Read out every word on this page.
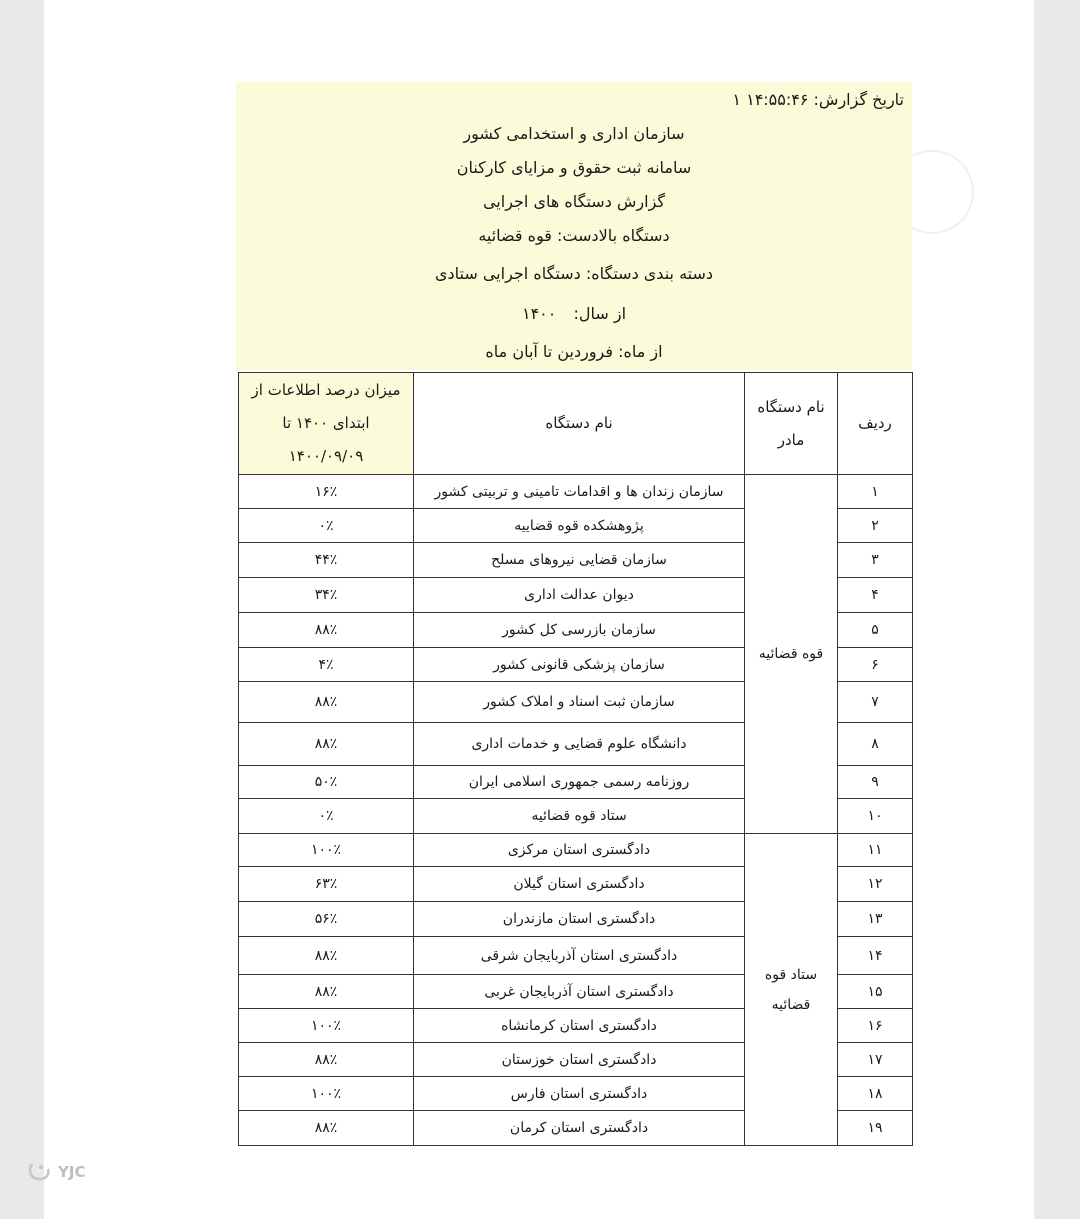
تاریخ گزارش: ۱۴:۵۵:۴۶ ۱
سازمان اداری و استخدامی کشور
سامانه ثبت حقوق و مزایای کارکنان
گزارش دستگاه های اجرایی
دستگاه بالادست: قوه قضائیه
دسته بندی دستگاه: دستگاه اجرایی ستادی
از سال: ۱۴۰۰
از ماه: فروردین تا آبان ماه
ردیف	نام دستگاه مادر	نام دستگاه	میزان درصد اطلاعات از ابتدای ۱۴۰۰ تا ۱۴۰۰/۰۹/۰۹
۱	قوه قضائیه	سازمان زندان ها و اقدامات تامینی و تربیتی کشور	۱۶٪
۲		پژوهشکده قوه قضاییه	۰٪
۳		سازمان قضایی نیروهای مسلح	۴۴٪
۴		دیوان عدالت اداری	۳۴٪
۵		سازمان بازرسی کل کشور	۸۸٪
۶		سازمان پزشکی قانونی کشور	۴٪
۷		سازمان ثبت اسناد و املاک کشور	۸۸٪
۸		دانشگاه علوم قضایی و خدمات اداری	۸۸٪
۹		روزنامه رسمی جمهوری اسلامی ایران	۵۰٪
۱۰		ستاد قوه قضائیه	۰٪
۱۱	ستاد قوه قضائیه	دادگستری استان مرکزی	۱۰۰٪
۱۲		دادگستری استان گیلان	۶۳٪
۱۳		دادگستری استان مازندران	۵۶٪
۱۴		دادگستری استان آذربایجان شرقی	۸۸٪
۱۵		دادگستری استان آذربایجان غربی	۸۸٪
۱۶		دادگستری استان کرمانشاه	۱۰۰٪
۱۷		دادگستری استان خوزستان	۸۸٪
۱۸		دادگستری استان فارس	۱۰۰٪
۱۹		دادگستری استان کرمان	۸۸٪
YJC
